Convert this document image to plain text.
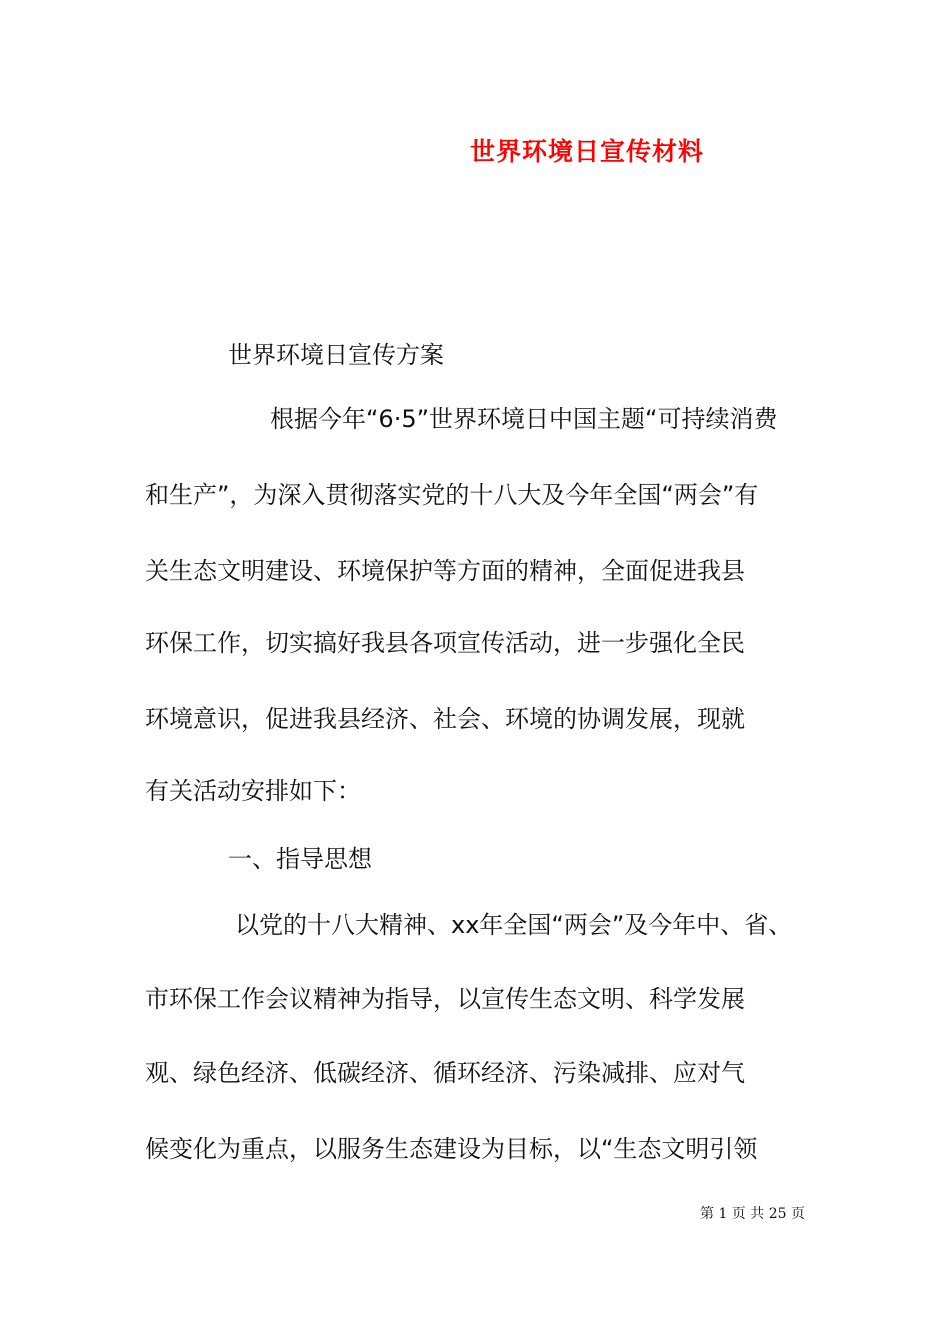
世界环境日宣传材料
世界环境日宣传方案
根据今年“6·5”世界环境日中国主题“可持续消费
和生产”，为深入贯彻落实党的十八大及今年全国“两会”有
关生态文明建设、环境保护等方面的精神，全面促进我县
环保工作，切实搞好我县各项宣传活动，进一步强化全民
环境意识，促进我县经济、社会、环境的协调发展，现就
有关活动安排如下：
一、指导思想
以党的十八大精神、xx年全国“两会”及今年中、省、
市环保工作会议精神为指导，以宣传生态文明、科学发展
观、绿色经济、低碳经济、循环经济、污染减排、应对气
候变化为重点，以服务生态建设为目标，以“生态文明引领
第 1 页 共 25 页
